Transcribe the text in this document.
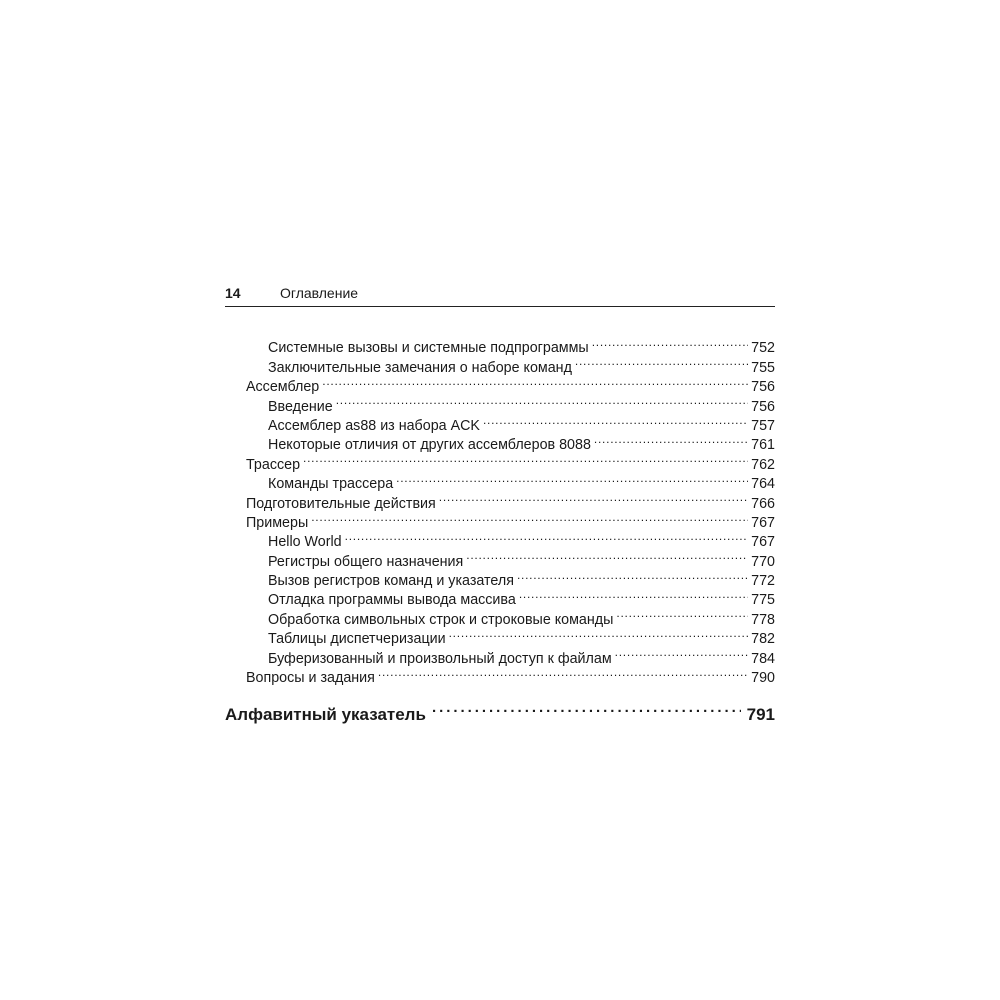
14	Оглавление
Системные вызовы и системные подпрограммы . . .	752
Заключительные замечания о наборе команд . . .	755
Ассемблер . . .	756
Введение . . .	756
Ассемблер as88 из набора ACK . . .	757
Некоторые отличия от других ассемблеров 8088 . . .	761
Трассер . . .	762
Команды трассера . . .	764
Подготовительные действия . . .	766
Примеры . . .	767
Hello World . . .	767
Регистры общего назначения . . .	770
Вызов регистров команд и указателя . . .	772
Отладка программы вывода массива . . .	775
Обработка символьных строк и строковые команды . . .	778
Таблицы диспетчеризации . . .	782
Буферизованный и произвольный доступ к файлам . . .	784
Вопросы и задания . . .	790
Алфавитный указатель . . .	791
